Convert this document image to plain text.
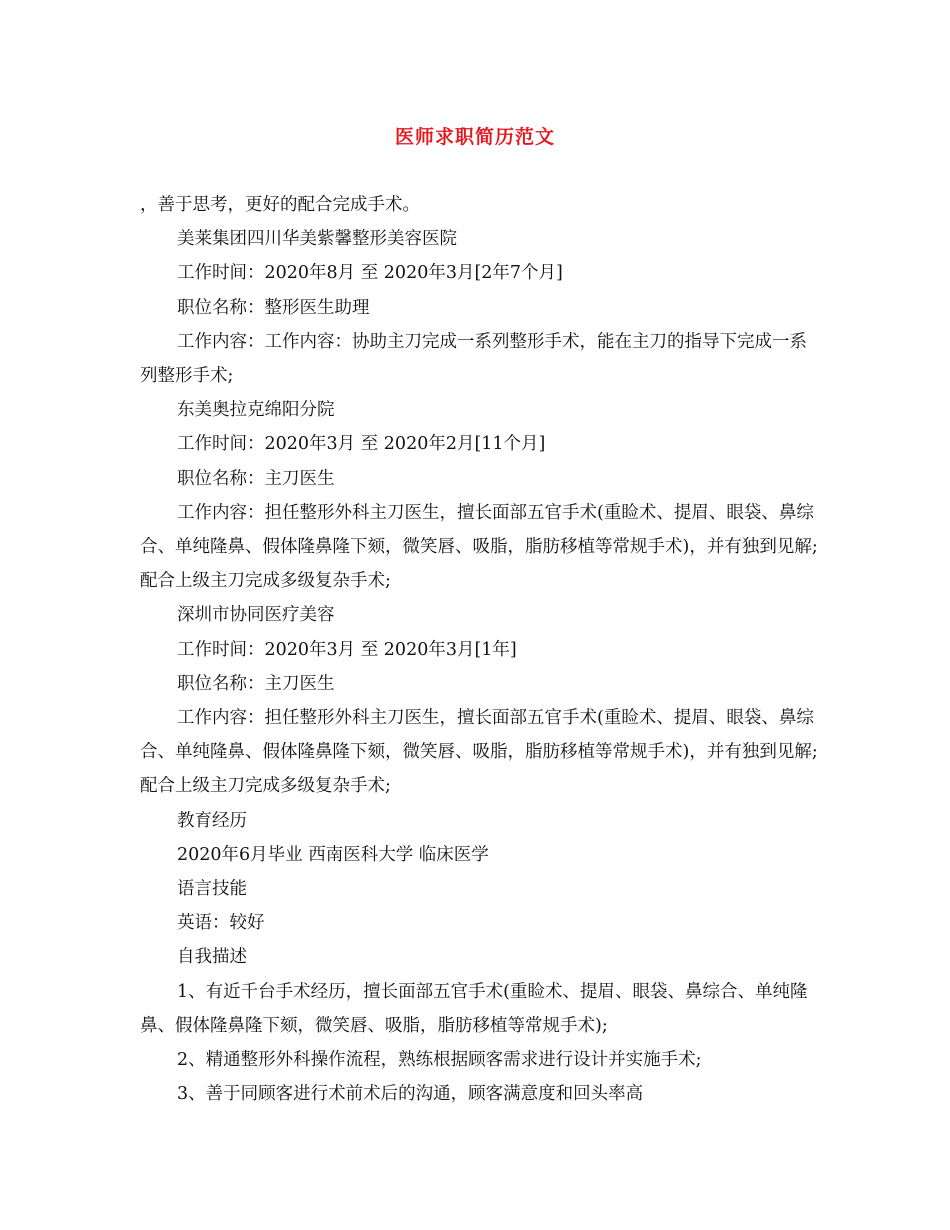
医师求职简历范文

，善于思考，更好的配合完成手术。

美莱集团四川华美紫馨整形美容医院

工作时间：2020年8月 至 2020年3月[2年7个月]

职位名称：整形医生助理

工作内容：工作内容：协助主刀完成一系列整形手术，能在主刀的指导下完成一系列整形手术;

东美奥拉克绵阳分院

工作时间：2020年3月 至 2020年2月[11个月]

职位名称：主刀医生

工作内容：担任整形外科主刀医生，擅长面部五官手术(重睑术、提眉、眼袋、鼻综合、单纯隆鼻、假体隆鼻隆下颏，微笑唇、吸脂，脂肪移植等常规手术)，并有独到见解;配合上级主刀完成多级复杂手术;

深圳市协同医疗美容

工作时间：2020年3月 至 2020年3月[1年]

职位名称：主刀医生

工作内容：担任整形外科主刀医生，擅长面部五官手术(重睑术、提眉、眼袋、鼻综合、单纯隆鼻、假体隆鼻隆下颏，微笑唇、吸脂，脂肪移植等常规手术)，并有独到见解;配合上级主刀完成多级复杂手术;

教育经历

2020年6月毕业 西南医科大学 临床医学

语言技能

英语：较好

自我描述

1、有近千台手术经历，擅长面部五官手术(重睑术、提眉、眼袋、鼻综合、单纯隆鼻、假体隆鼻隆下颏，微笑唇、吸脂，脂肪移植等常规手术);

2、精通整形外科操作流程，熟练根据顾客需求进行设计并实施手术;

3、善于同顾客进行术前术后的沟通，顾客满意度和回头率高
